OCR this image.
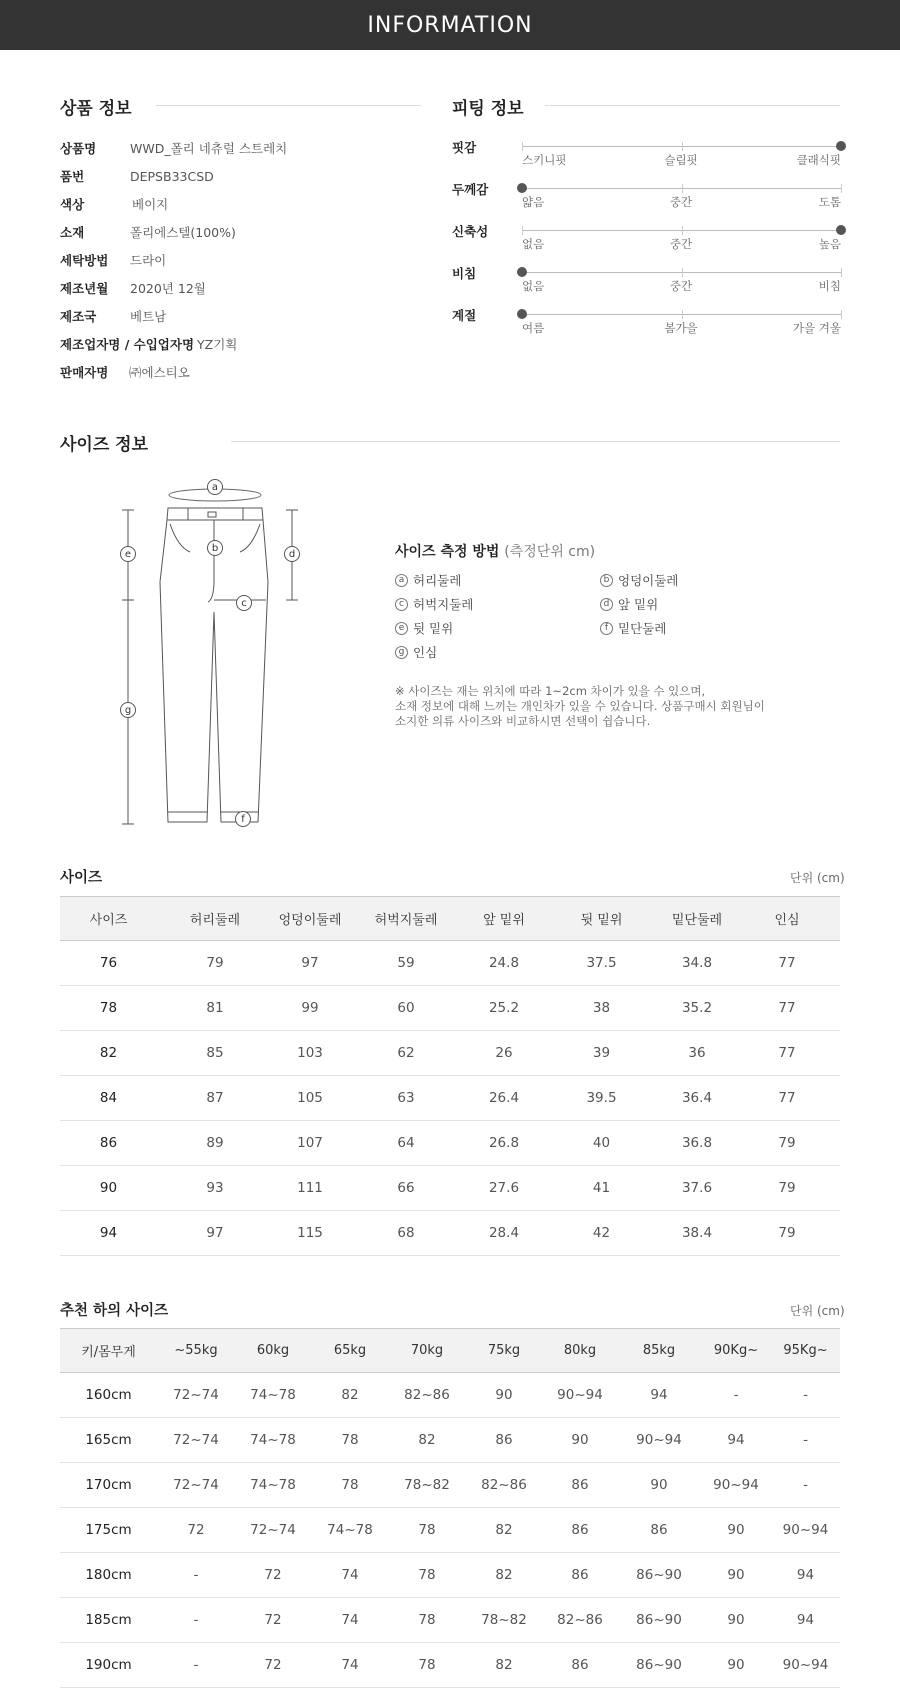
INFORMATION
상품 정보
상품명	WWD_폴리 네츄럴 스트레치
품번	DEPSB33CSD
색상	베이지
소재	폴리에스텔(100%)
세탁방법	드라이
제조년월	2020년 12월
제조국	베트남
제조업자명 / 수입업자명 YZ기획
판매자명	㈜에스티오
피팅 정보
핏감
스키니핏	슬림핏	클래식핏
두께감
얇음	중간	도톰
신축성
없음	중간	높음
비침
없음	중간	비침
계절
여름	봄가을	가을 겨울
사이즈 정보
a
b
c
d
e
f
g
사이즈 측정 방법 (측정단위 cm)
a 허리둘레	b 엉덩이둘레
c 허벅지둘레	d 앞 밑위
e 뒷 밑위	f 밑단둘레
g 인심
※ 사이즈는 재는 위치에 따라 1~2cm 차이가 있을 수 있으며,
소재 정보에 대해 느끼는 개인차가 있을 수 있습니다. 상품구매시 회원님이
소지한 의류 사이즈와 비교하시면 선택이 쉽습니다.
사이즈	단위 (cm)
사이즈	허리둘레	엉덩이둘레	허벅지둘레	앞 밑위	뒷 밑위	밑단둘레	인심
76	79	97	59	24.8	37.5	34.8	77
78	81	99	60	25.2	38	35.2	77
82	85	103	62	26	39	36	77
84	87	105	63	26.4	39.5	36.4	77
86	89	107	64	26.8	40	36.8	79
90	93	111	66	27.6	41	37.6	79
94	97	115	68	28.4	42	38.4	79
추천 하의 사이즈	단위 (cm)
키/몸무게	~55kg	60kg	65kg	70kg	75kg	80kg	85kg	90Kg~	95Kg~
160cm	72~74	74~78	82	82~86	90	90~94	94	-	-
165cm	72~74	74~78	78	82	86	90	90~94	94	-
170cm	72~74	74~78	78	78~82	82~86	86	90	90~94	-
175cm	72	72~74	74~78	78	82	86	86	90	90~94
180cm	-	72	74	78	82	86	86~90	90	94
185cm	-	72	74	78	78~82	82~86	86~90	90	94
190cm	-	72	74	78	82	86	86~90	90	90~94
